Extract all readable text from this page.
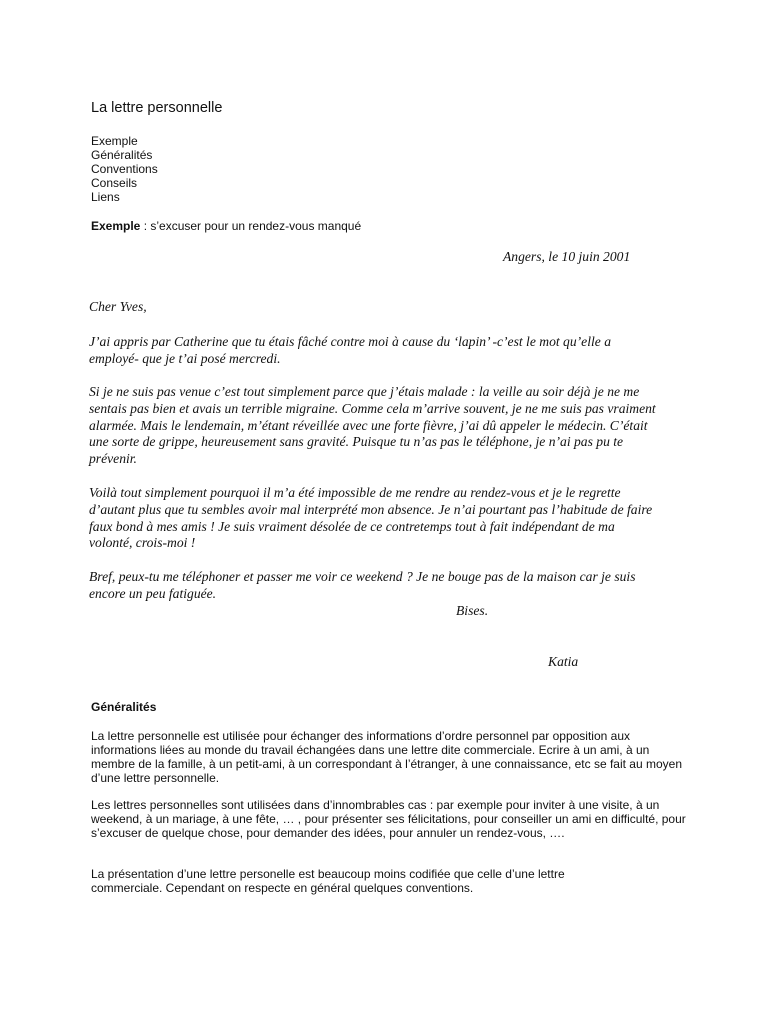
La lettre personnelle
Exemple
Généralités
Conventions
Conseils
Liens
Exemple : s’excuser pour un rendez-vous manqué
Angers, le 10 juin 2001
Cher Yves,
J’ai appris par Catherine que tu étais fâché contre moi à cause du ‘lapin’ -c’est le mot qu’elle a employé- que je t’ai posé mercredi.
Si je ne suis pas venue c’est tout simplement parce que j’étais malade : la veille au soir déjà je ne me sentais pas bien et avais un terrible migraine. Comme cela m’arrive souvent, je ne me suis pas vraiment alarmée. Mais le lendemain, m’étant réveillée avec une forte fièvre, j’ai dû appeler le médecin. C’était une sorte de grippe, heureusement sans gravité. Puisque tu n’as pas le téléphone, je n’ai pas pu te prévenir.
Voilà tout simplement pourquoi il m’a été impossible de me rendre au rendez-vous et je le regrette d’autant plus que tu sembles avoir mal interprété mon absence. Je n’ai pourtant pas l’habitude de faire faux bond à mes amis ! Je suis vraiment désolée de ce contretemps tout à fait indépendant de ma volonté, crois-moi !
Bref, peux-tu me téléphoner et passer me voir ce weekend ? Je ne bouge pas de la maison car je suis encore un peu fatiguée.
Bises.
Katia
Généralités
La lettre personnelle est utilisée pour échanger des informations d’ordre personnel par opposition aux informations liées au monde du travail échangées dans une lettre dite commerciale. Ecrire à un ami, à un membre de la famille, à un petit-ami, à un correspondant à l’étranger, à une connaissance, etc se fait au moyen d’une lettre personnelle.
Les lettres personnelles sont utilisées dans d’innombrables cas : par exemple pour inviter à une visite, à un weekend, à un mariage, à une fête, … , pour présenter ses félicitations, pour conseiller un ami en difficulté, pour s’excuser de quelque chose, pour demander des idées, pour annuler un rendez-vous, ….
La présentation d’une lettre personelle est beaucoup moins codifiée que celle d’une lettre commerciale. Cependant on respecte en général quelques conventions.
